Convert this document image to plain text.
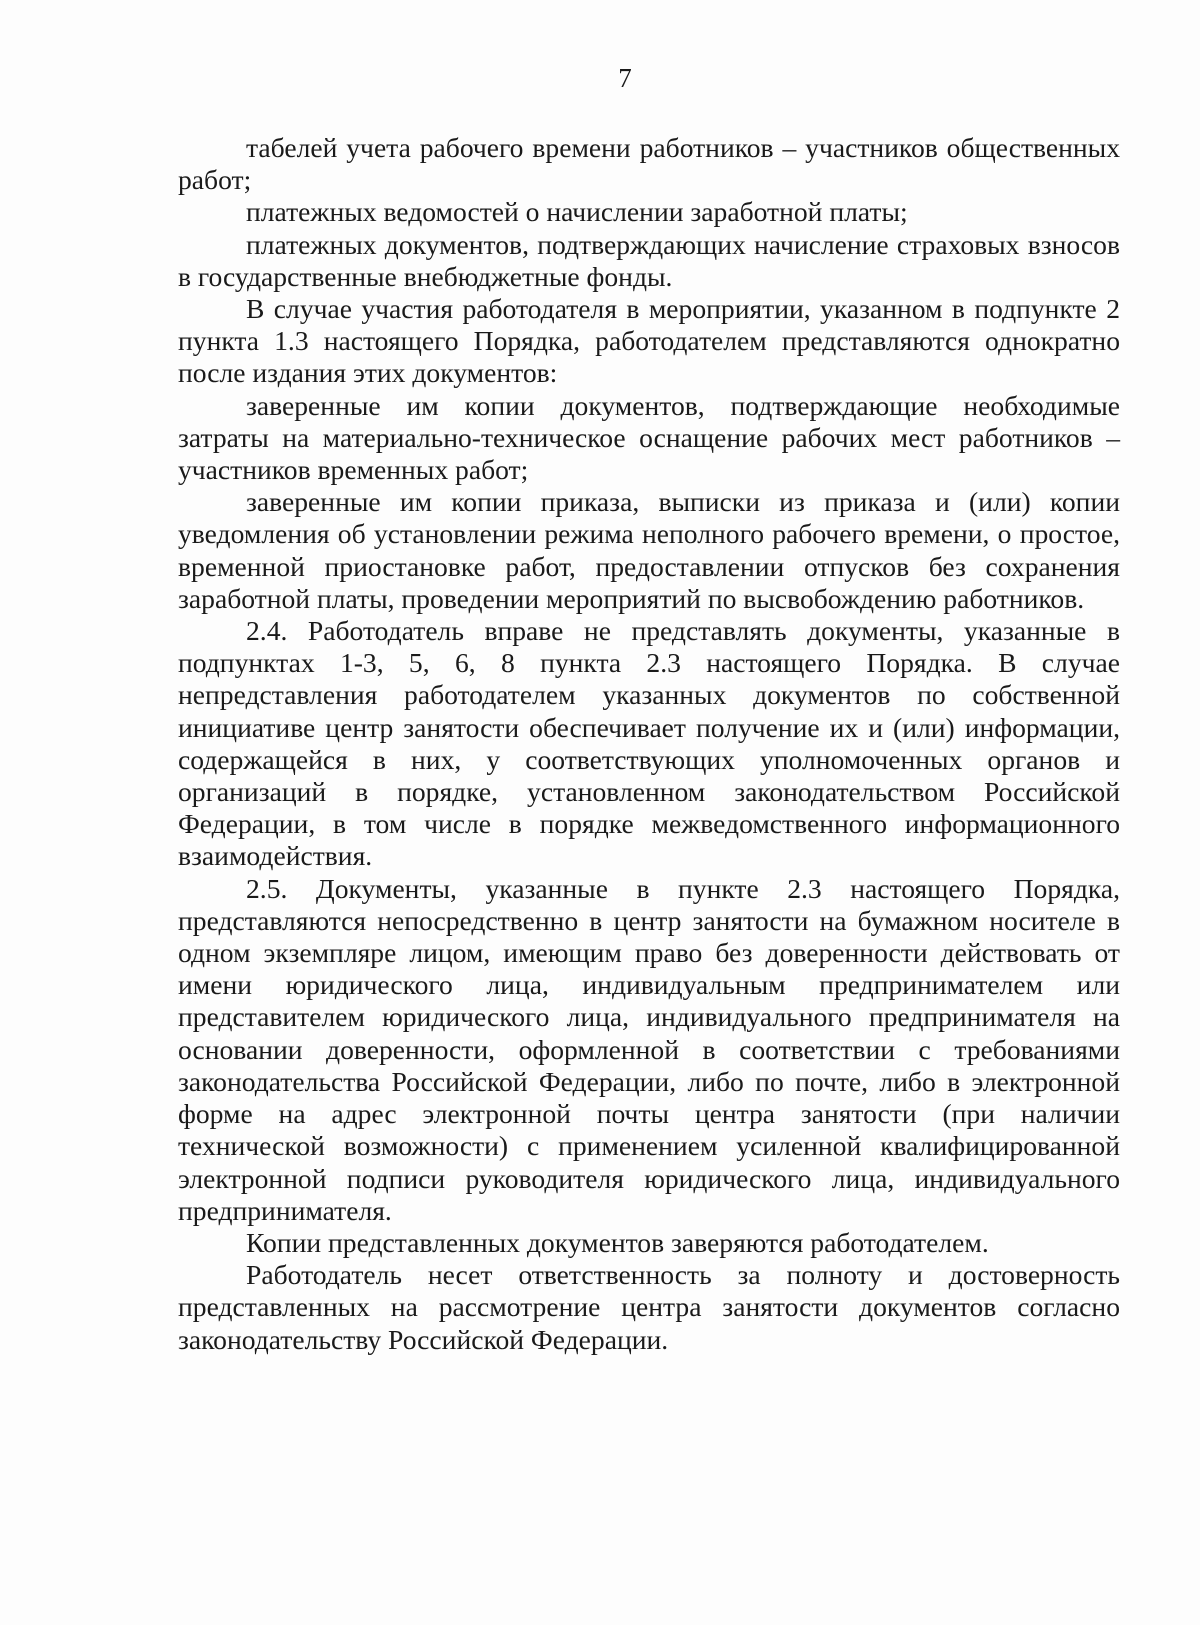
7

табелей учета рабочего времени работников – участников общественных работ;

платежных ведомостей о начислении заработной платы;

платежных документов, подтверждающих начисление страховых взносов в государственные внебюджетные фонды.

В случае участия работодателя в мероприятии, указанном в подпункте 2 пункта 1.3 настоящего Порядка, работодателем представляются однократно после издания этих документов:

заверенные им копии документов, подтверждающие необходимые затраты на материально-техническое оснащение рабочих мест работников – участников временных работ;

заверенные им копии приказа, выписки из приказа и (или) копии уведомления об установлении режима неполного рабочего времени, о простое, временной приостановке работ, предоставлении отпусков без сохранения заработной платы, проведении мероприятий по высвобождению работников.

2.4. Работодатель вправе не представлять документы, указанные в подпунктах 1-3, 5, 6, 8 пункта 2.3 настоящего Порядка. В случае непредставления работодателем указанных документов по собственной инициативе центр занятости обеспечивает получение их и (или) информации, содержащейся в них, у соответствующих уполномоченных органов и организаций в порядке, установленном законодательством Российской Федерации, в том числе в порядке межведомственного информационного взаимодействия.

2.5. Документы, указанные в пункте 2.3 настоящего Порядка, представляются непосредственно в центр занятости на бумажном носителе в одном экземпляре лицом, имеющим право без доверенности действовать от имени юридического лица, индивидуальным предпринимателем или представителем юридического лица, индивидуального предпринимателя на основании доверенности, оформленной в соответствии с требованиями законодательства Российской Федерации, либо по почте, либо в электронной форме на адрес электронной почты центра занятости (при наличии технической возможности) с применением усиленной квалифицированной электронной подписи руководителя юридического лица, индивидуального предпринимателя.

Копии представленных документов заверяются работодателем.

Работодатель несет ответственность за полноту и достоверность представленных на рассмотрение центра занятости документов согласно законодательству Российской Федерации.
